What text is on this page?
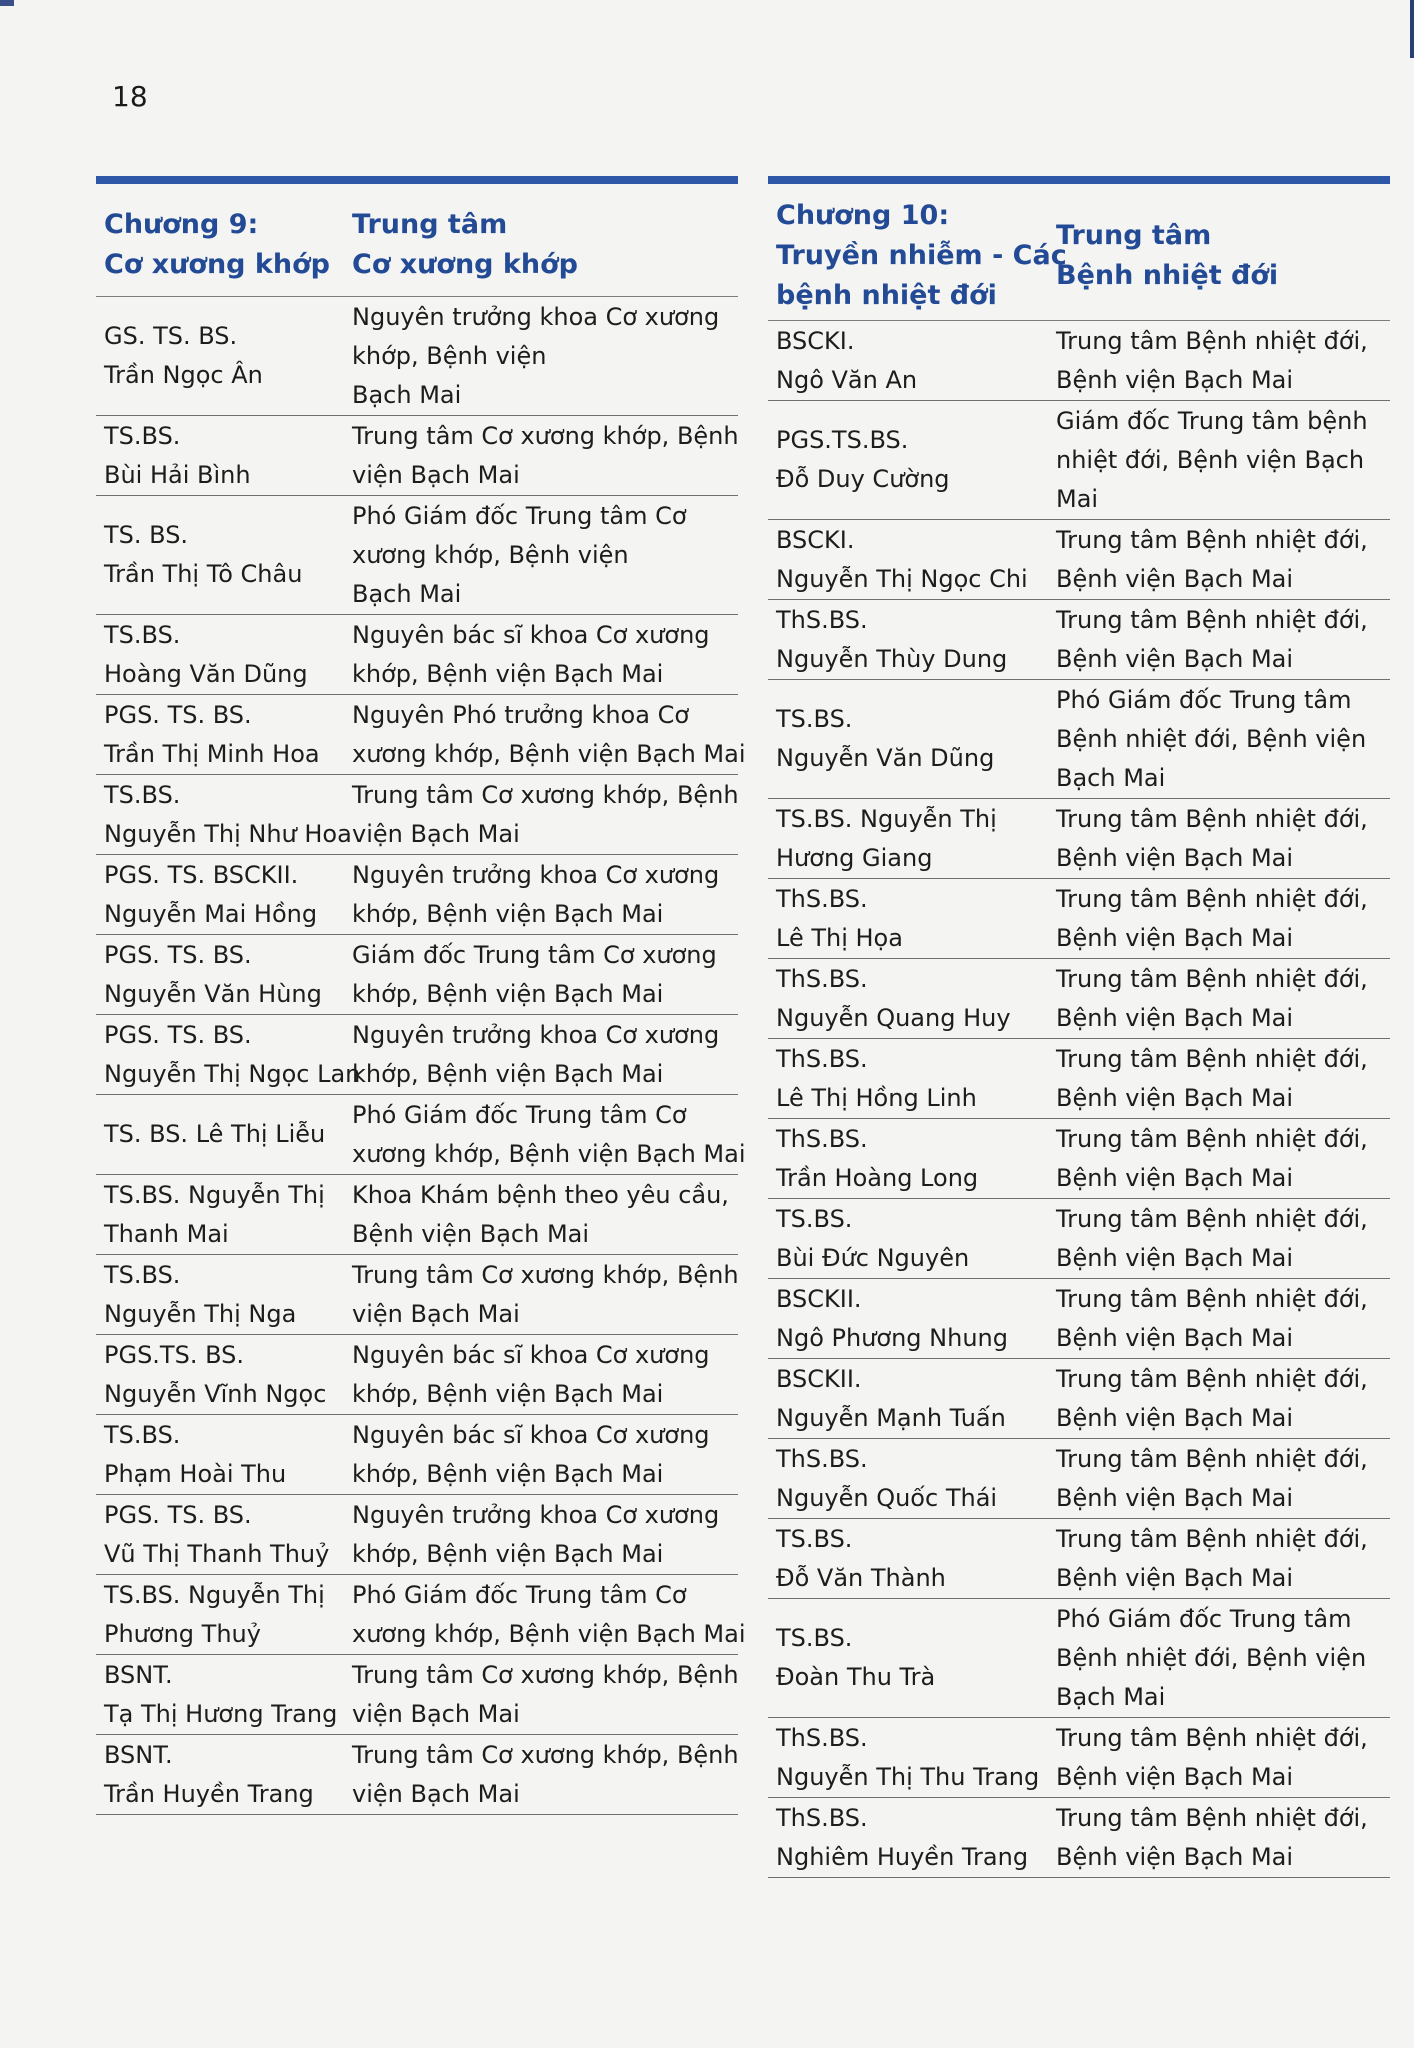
18
Chương 9:
Cơ xương khớp
Trung tâm
Cơ xương khớp
GS. TS. BS.
Trần Ngọc Ân
Nguyên trưởng khoa Cơ xương
khớp, Bệnh viện
Bạch Mai
TS.BS.
Bùi Hải Bình
Trung tâm Cơ xương khớp, Bệnh
viện Bạch Mai
TS. BS.
Trần Thị Tô Châu
Phó Giám đốc Trung tâm Cơ
xương khớp, Bệnh viện
Bạch Mai
TS.BS.
Hoàng Văn Dũng
Nguyên bác sĩ khoa Cơ xương
khớp, Bệnh viện Bạch Mai
PGS. TS. BS.
Trần Thị Minh Hoa
Nguyên Phó trưởng khoa Cơ
xương khớp, Bệnh viện Bạch Mai
TS.BS.
Nguyễn Thị Như Hoa
Trung tâm Cơ xương khớp, Bệnh
viện Bạch Mai
PGS. TS. BSCKII.
Nguyễn Mai Hồng
Nguyên trưởng khoa Cơ xương
khớp, Bệnh viện Bạch Mai
PGS. TS. BS.
Nguyễn Văn Hùng
Giám đốc Trung tâm Cơ xương
khớp, Bệnh viện Bạch Mai
PGS. TS. BS.
Nguyễn Thị Ngọc Lan
Nguyên trưởng khoa Cơ xương
khớp, Bệnh viện Bạch Mai
TS. BS. Lê Thị Liễu
Phó Giám đốc Trung tâm Cơ
xương khớp, Bệnh viện Bạch Mai
TS.BS. Nguyễn Thị
Thanh Mai
Khoa Khám bệnh theo yêu cầu,
Bệnh viện Bạch Mai
TS.BS.
Nguyễn Thị Nga
Trung tâm Cơ xương khớp, Bệnh
viện Bạch Mai
PGS.TS. BS.
Nguyễn Vĩnh Ngọc
Nguyên bác sĩ khoa Cơ xương
khớp, Bệnh viện Bạch Mai
TS.BS.
Phạm Hoài Thu
Nguyên bác sĩ khoa Cơ xương
khớp, Bệnh viện Bạch Mai
PGS. TS. BS.
Vũ Thị Thanh Thuỷ
Nguyên trưởng khoa Cơ xương
khớp, Bệnh viện Bạch Mai
TS.BS. Nguyễn Thị
Phương Thuỷ
Phó Giám đốc Trung tâm Cơ
xương khớp, Bệnh viện Bạch Mai
BSNT.
Tạ Thị Hương Trang
Trung tâm Cơ xương khớp, Bệnh
viện Bạch Mai
BSNT.
Trần Huyền Trang
Trung tâm Cơ xương khớp, Bệnh
viện Bạch Mai
Chương 10:
Truyền nhiễm - Các
bệnh nhiệt đới
Trung tâm
Bệnh nhiệt đới
BSCKI.
Ngô Văn An
Trung tâm Bệnh nhiệt đới,
Bệnh viện Bạch Mai
PGS.TS.BS.
Đỗ Duy Cường
Giám đốc Trung tâm bệnh
nhiệt đới, Bệnh viện Bạch
Mai
BSCKI.
Nguyễn Thị Ngọc Chi
Trung tâm Bệnh nhiệt đới,
Bệnh viện Bạch Mai
ThS.BS.
Nguyễn Thùy Dung
Trung tâm Bệnh nhiệt đới,
Bệnh viện Bạch Mai
TS.BS.
Nguyễn Văn Dũng
Phó Giám đốc Trung tâm
Bệnh nhiệt đới, Bệnh viện
Bạch Mai
TS.BS. Nguyễn Thị
Hương Giang
Trung tâm Bệnh nhiệt đới,
Bệnh viện Bạch Mai
ThS.BS.
Lê Thị Họa
Trung tâm Bệnh nhiệt đới,
Bệnh viện Bạch Mai
ThS.BS.
Nguyễn Quang Huy
Trung tâm Bệnh nhiệt đới,
Bệnh viện Bạch Mai
ThS.BS.
Lê Thị Hồng Linh
Trung tâm Bệnh nhiệt đới,
Bệnh viện Bạch Mai
ThS.BS.
Trần Hoàng Long
Trung tâm Bệnh nhiệt đới,
Bệnh viện Bạch Mai
TS.BS.
Bùi Đức Nguyên
Trung tâm Bệnh nhiệt đới,
Bệnh viện Bạch Mai
BSCKII.
Ngô Phương Nhung
Trung tâm Bệnh nhiệt đới,
Bệnh viện Bạch Mai
BSCKII.
Nguyễn Mạnh Tuấn
Trung tâm Bệnh nhiệt đới,
Bệnh viện Bạch Mai
ThS.BS.
Nguyễn Quốc Thái
Trung tâm Bệnh nhiệt đới,
Bệnh viện Bạch Mai
TS.BS.
Đỗ Văn Thành
Trung tâm Bệnh nhiệt đới,
Bệnh viện Bạch Mai
TS.BS.
Đoàn Thu Trà
Phó Giám đốc Trung tâm
Bệnh nhiệt đới, Bệnh viện
Bạch Mai
ThS.BS.
Nguyễn Thị Thu Trang
Trung tâm Bệnh nhiệt đới,
Bệnh viện Bạch Mai
ThS.BS.
Nghiêm Huyền Trang
Trung tâm Bệnh nhiệt đới,
Bệnh viện Bạch Mai
